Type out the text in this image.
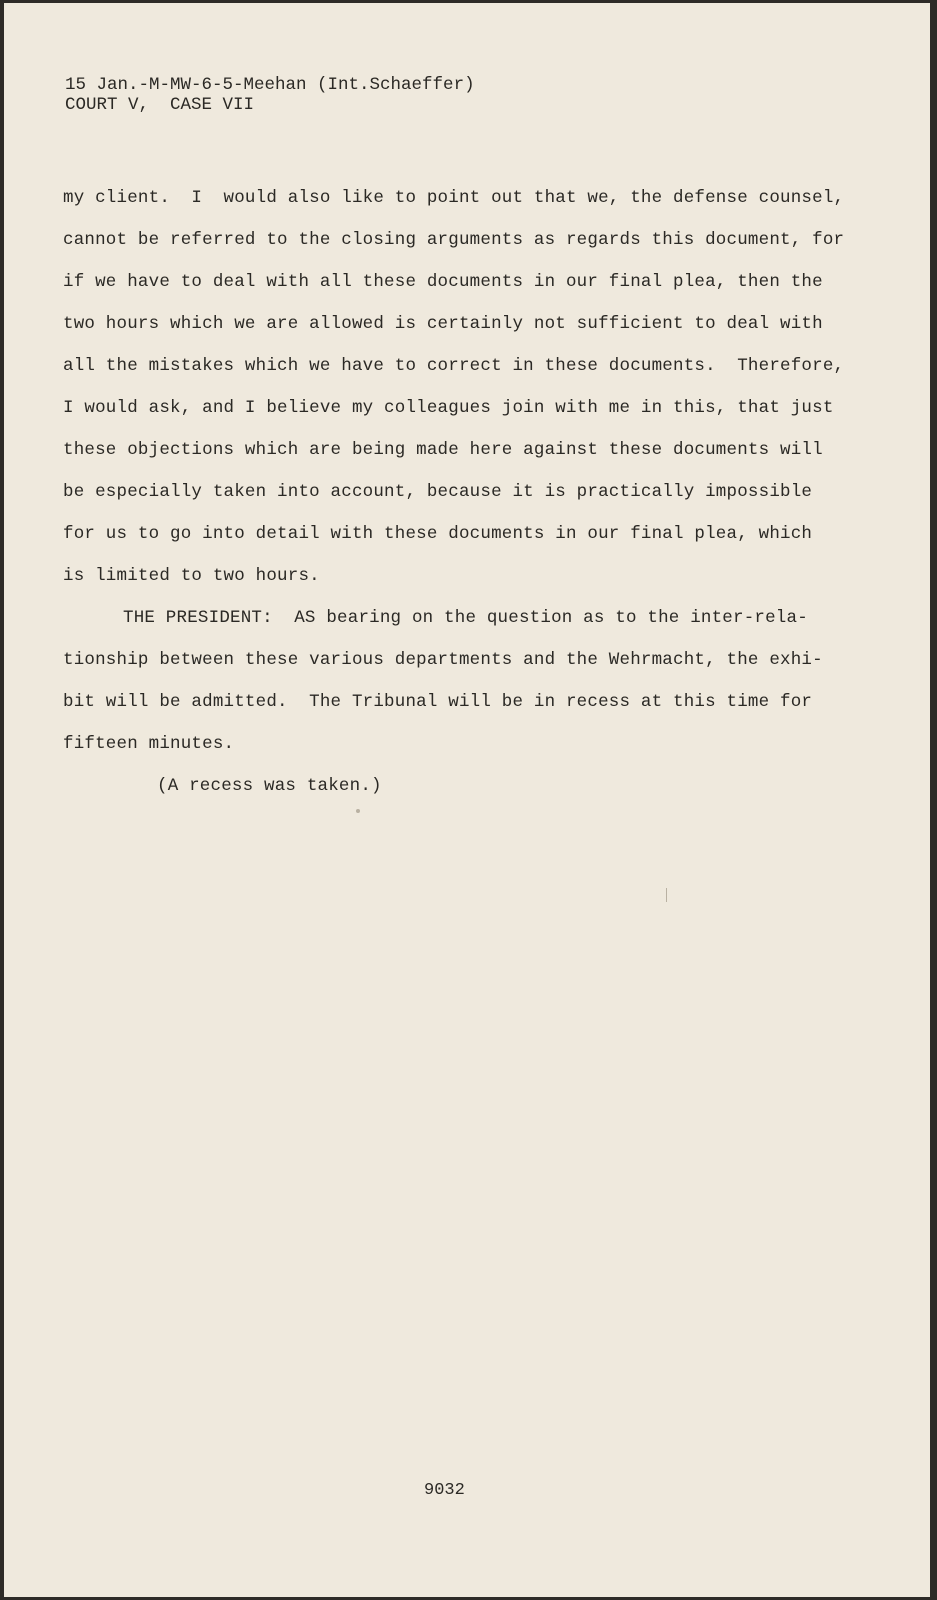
15 Jan.-M-MW-6-5-Meehan (Int.Schaeffer)
COURT V,  CASE VII
my client.  I  would also like to point out that we, the defense counsel,
cannot be referred to the closing arguments as regards this document, for
if we have to deal with all these documents in our final plea, then the
two hours which we are allowed is certainly not sufficient to deal with
all the mistakes which we have to correct in these documents.  Therefore,
I would ask, and I believe my colleagues join with me in this, that just
these objections which are being made here against these documents will
be especially taken into account, because it is practically impossible
for us to go into detail with these documents in our final plea, which
is limited to two hours.
THE PRESIDENT:  AS bearing on the question as to the inter-rela-
tionship between these various departments and the Wehrmacht, the exhi-
bit will be admitted.  The Tribunal will be in recess at this time for
fifteen minutes.
(A recess was taken.)
9032
